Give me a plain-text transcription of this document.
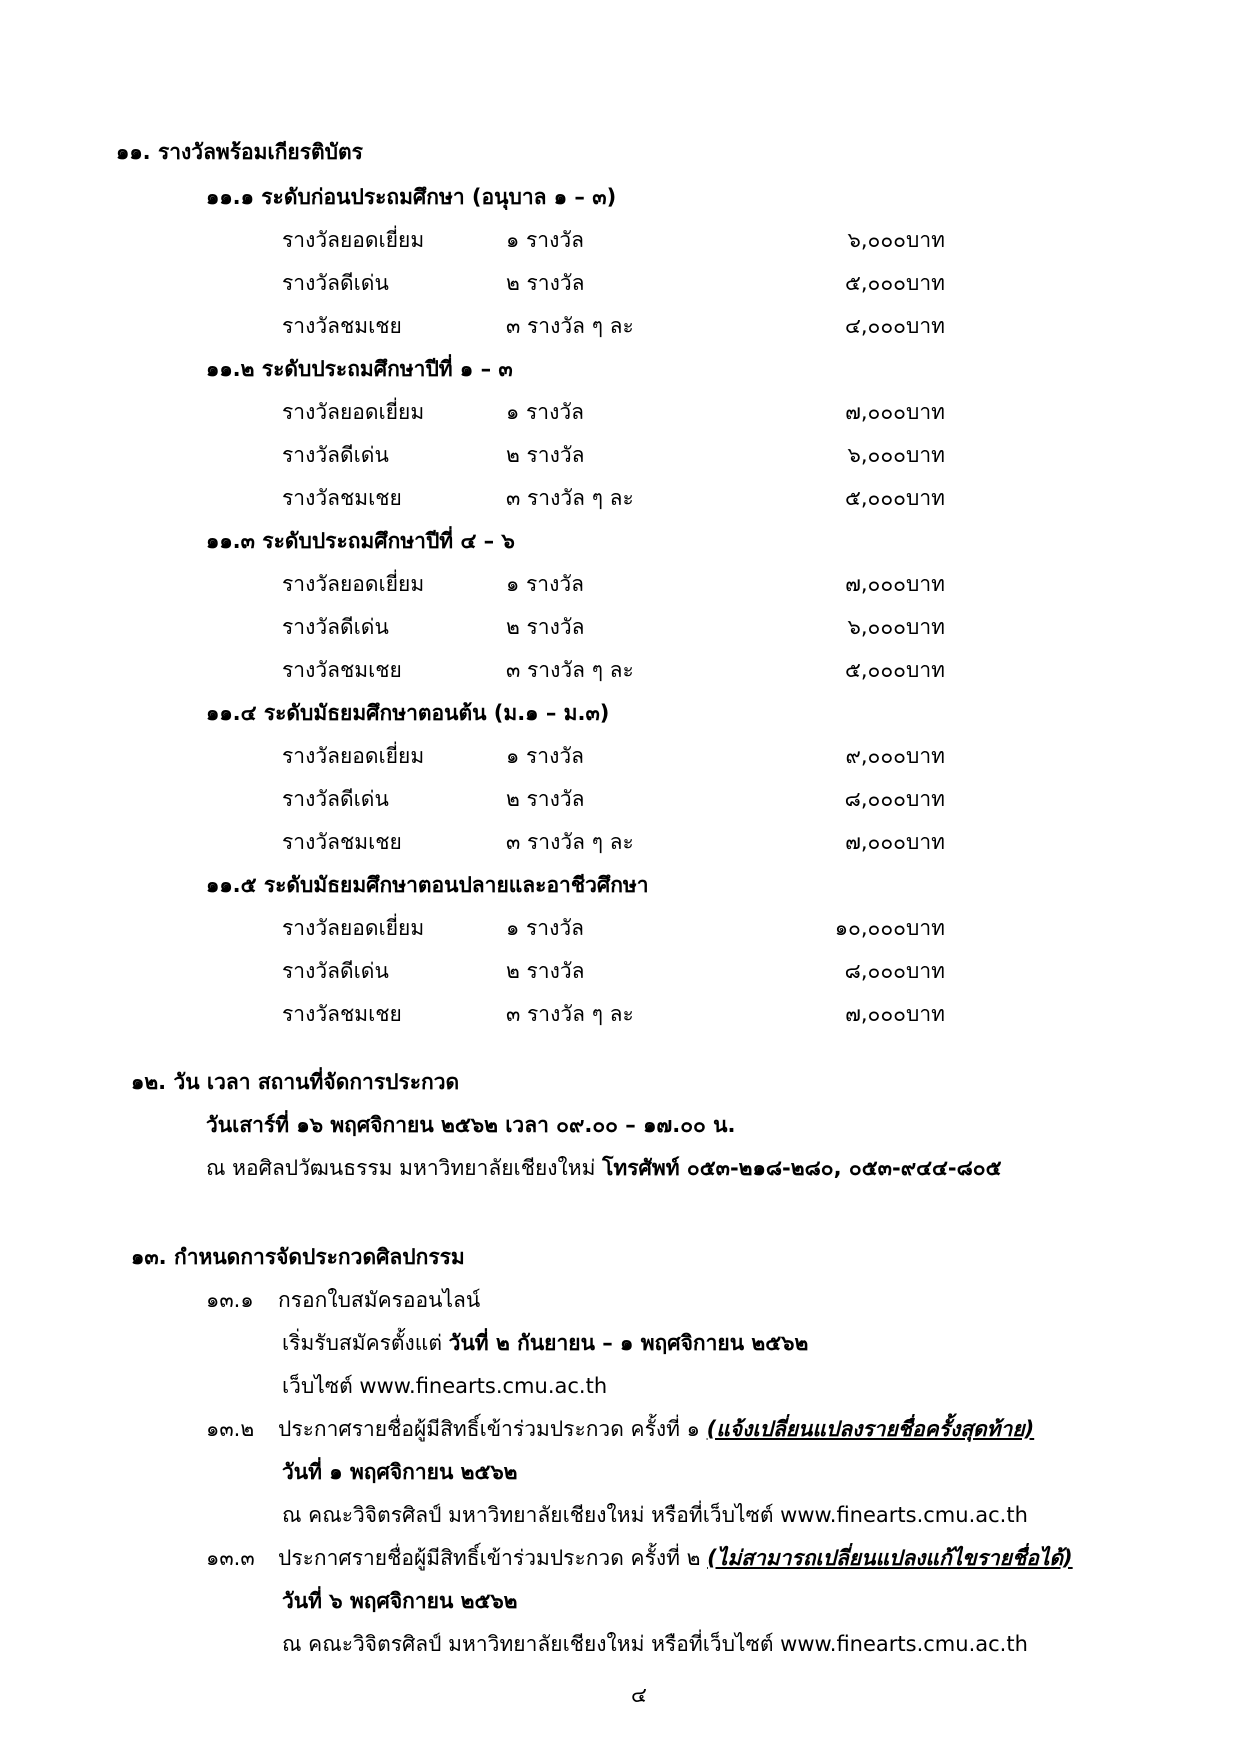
๑๑. รางวัลพร้อมเกียรติบัตร
๑๑.๑ ระดับก่อนประถมศึกษา (อนุบาล ๑ – ๓)
รางวัลยอดเยี่ยม	๑ รางวัล	๖,๐๐๐ บาท
รางวัลดีเด่น	๒ รางวัล	๕,๐๐๐ บาท
รางวัลชมเชย	๓ รางวัล ๆ ละ	๔,๐๐๐ บาท
๑๑.๒ ระดับประถมศึกษาปีที่ ๑ – ๓
รางวัลยอดเยี่ยม	๑ รางวัล	๗,๐๐๐ บาท
รางวัลดีเด่น	๒ รางวัล	๖,๐๐๐ บาท
รางวัลชมเชย	๓ รางวัล ๆ ละ	๕,๐๐๐ บาท
๑๑.๓ ระดับประถมศึกษาปีที่ ๔ – ๖
รางวัลยอดเยี่ยม	๑ รางวัล	๗,๐๐๐ บาท
รางวัลดีเด่น	๒ รางวัล	๖,๐๐๐ บาท
รางวัลชมเชย	๓ รางวัล ๆ ละ	๕,๐๐๐ บาท
๑๑.๔ ระดับมัธยมศึกษาตอนต้น (ม.๑ – ม.๓)
รางวัลยอดเยี่ยม	๑ รางวัล	๙,๐๐๐ บาท
รางวัลดีเด่น	๒ รางวัล	๘,๐๐๐ บาท
รางวัลชมเชย	๓ รางวัล ๆ ละ	๗,๐๐๐ บาท
๑๑.๕ ระดับมัธยมศึกษาตอนปลายและอาชีวศึกษา
รางวัลยอดเยี่ยม	๑ รางวัล	๑๐,๐๐๐ บาท
รางวัลดีเด่น	๒ รางวัล	๘,๐๐๐ บาท
รางวัลชมเชย	๓ รางวัล ๆ ละ	๗,๐๐๐ บาท
๑๒. วัน เวลา สถานที่จัดการประกวด
วันเสาร์ที่ ๑๖ พฤศจิกายน ๒๕๖๒ เวลา ๐๙.๐๐ – ๑๗.๐๐ น.
ณ หอศิลปวัฒนธรรม มหาวิทยาลัยเชียงใหม่ โทรศัพท์ ๐๕๓-๒๑๘-๒๘๐, ๐๕๓-๙๔๔-๘๐๕
๑๓. กำหนดการจัดประกวดศิลปกรรม
๑๓.๑ กรอกใบสมัครออนไลน์
เริ่มรับสมัครตั้งแต่ วันที่ ๒ กันยายน – ๑ พฤศจิกายน ๒๕๖๒
เว็บไซต์ www.finearts.cmu.ac.th
๑๓.๒ ประกาศรายชื่อผู้มีสิทธิ์เข้าร่วมประกวด ครั้งที่ ๑ (แจ้งเปลี่ยนแปลงรายชื่อครั้งสุดท้าย)
วันที่ ๑ พฤศจิกายน ๒๕๖๒
ณ คณะวิจิตรศิลป์ มหาวิทยาลัยเชียงใหม่ หรือที่เว็บไซต์ www.finearts.cmu.ac.th
๑๓.๓ ประกาศรายชื่อผู้มีสิทธิ์เข้าร่วมประกวด ครั้งที่ ๒ (ไม่สามารถเปลี่ยนแปลงแก้ไขรายชื่อได้)
วันที่ ๖ พฤศจิกายน ๒๕๖๒
ณ คณะวิจิตรศิลป์ มหาวิทยาลัยเชียงใหม่ หรือที่เว็บไซต์ www.finearts.cmu.ac.th
๔
